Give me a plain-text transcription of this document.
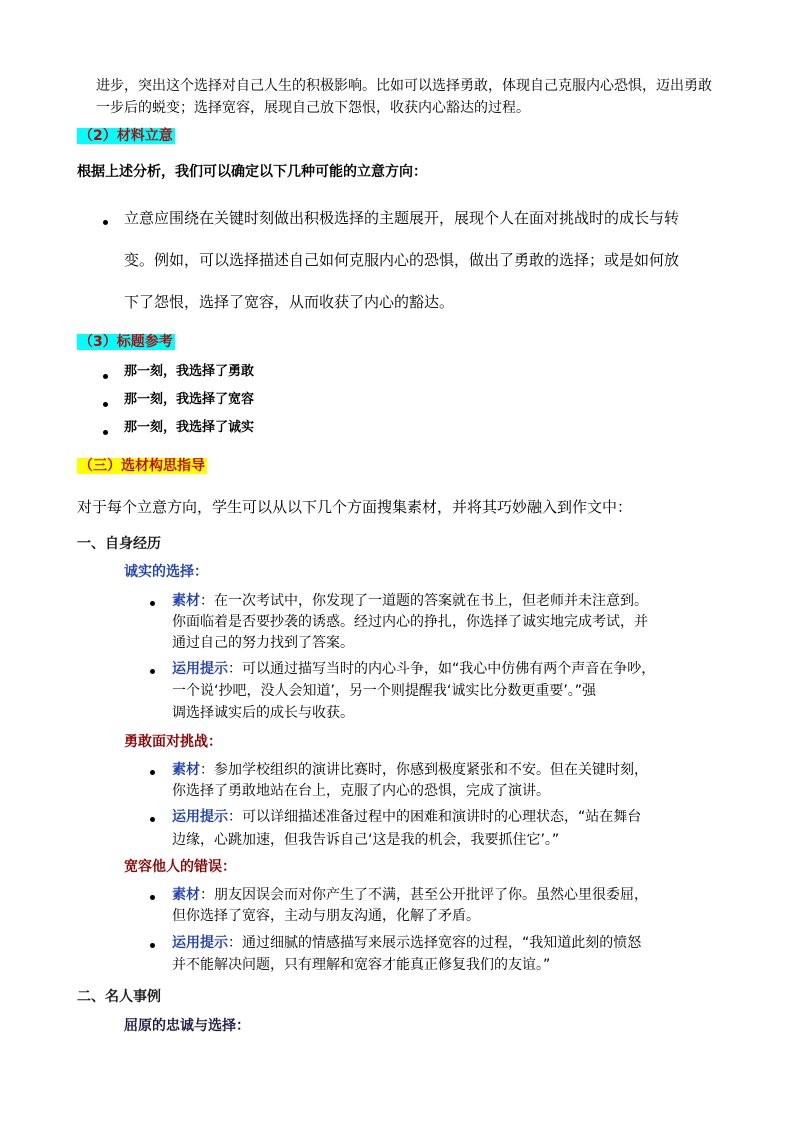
进步，突出这个选择对自己人生的积极影响。比如可以选择勇敢，体现自己克服内心恐惧，迈出勇敢
一步后的蜕变；选择宽容，展现自己放下怨恨，收获内心豁达的过程。
（2）材料立意
根据上述分析，我们可以确定以下几种可能的立意方向：
立意应围绕在关键时刻做出积极选择的主题展开，展现个人在面对挑战时的成长与转
变。例如，可以选择描述自己如何克服内心的恐惧，做出了勇敢的选择；或是如何放
下了怨恨，选择了宽容，从而收获了内心的豁达。
（3）标题参考
那一刻，我选择了勇敢
那一刻，我选择了宽容
那一刻，我选择了诚实
（三）选材构思指导
对于每个立意方向，学生可以从以下几个方面搜集素材，并将其巧妙融入到作文中：
一、自身经历
诚实的选择：
素材：在一次考试中，你发现了一道题的答案就在书上，但老师并未注意到。
你面临着是否要抄袭的诱惑。经过内心的挣扎，你选择了诚实地完成考试，并
通过自己的努力找到了答案。
运用提示：可以通过描写当时的内心斗争，如“我心中仿佛有两个声音在争吵，
一个说‘抄吧，没人会知道’，另一个则提醒我‘诚实比分数更重要’。”强
调选择诚实后的成长与收获。
勇敢面对挑战：
素材：参加学校组织的演讲比赛时，你感到极度紧张和不安。但在关键时刻，
你选择了勇敢地站在台上，克服了内心的恐惧，完成了演讲。
运用提示：可以详细描述准备过程中的困难和演讲时的心理状态，“站在舞台
边缘，心跳加速，但我告诉自己‘这是我的机会，我要抓住它’。”
宽容他人的错误：
素材：朋友因误会而对你产生了不满，甚至公开批评了你。虽然心里很委屈，
但你选择了宽容，主动与朋友沟通，化解了矛盾。
运用提示：通过细腻的情感描写来展示选择宽容的过程，“我知道此刻的愤怒
并不能解决问题，只有理解和宽容才能真正修复我们的友谊。”
二、名人事例
屈原的忠诚与选择：
